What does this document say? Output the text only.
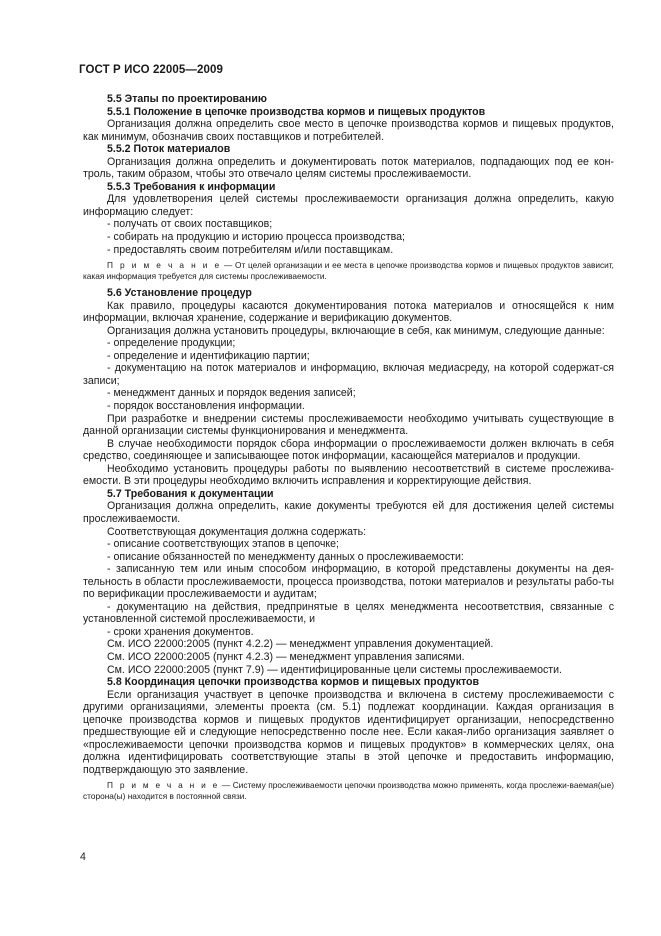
ГОСТ Р ИСО 22005—2009

5.5 Этапы по проектированию

5.5.1 Положение в цепочке производства кормов и пищевых продуктов

Организация должна определить свое место в цепочке производства кормов и пищевых продуктов, как минимум, обозначив своих поставщиков и потребителей.

5.5.2 Поток материалов

Организация должна определить и документировать поток материалов, подпадающих под ее кон-троль, таким образом, чтобы это отвечало целям системы прослеживаемости.

5.5.3 Требования к информации

Для удовлетворения целей системы прослеживаемости организация должна определить, какую информацию следует:

- получать от своих поставщиков;

- собирать на продукцию и историю процесса производства;

- предоставлять своим потребителям и/или поставщикам.

П р и м е ч а н и е — От целей организации и ее места в цепочке производства кормов и пищевых продуктов зависит, какая информация требуется для системы прослеживаемости.

5.6 Установление процедур

Как правило, процедуры касаются документирования потока материалов и относящейся к ним информации, включая хранение, содержание и верификацию документов.

Организация должна установить процедуры, включающие в себя, как минимум, следующие данные:

- определение продукции;

- определение и идентификацию партии;

- документацию на поток материалов и информацию, включая медиасреду, на которой содержат-ся записи;

- менеджмент данных и порядок ведения записей;

- порядок восстановления информации.

При разработке и внедрении системы прослеживаемости необходимо учитывать существующие в данной организации системы функционирования и менеджмента.

В случае необходимости порядок сбора информации о прослеживаемости должен включать в себя средство, соединяющее и записывающее поток информации, касающейся материалов и продукции.

Необходимо установить процедуры работы по выявлению несоответствий в системе прослежива-емости. В эти процедуры необходимо включить исправления и корректирующие действия.

5.7 Требования к документации

Организация должна определить, какие документы требуются ей для достижения целей системы прослеживаемости.

Соответствующая документация должна содержать:

- описание соответствующих этапов в цепочке;

- описание обязанностей по менеджменту данных о прослеживаемости:

- записанную тем или иным способом информацию, в которой представлены документы на дея-тельность в области прослеживаемости, процесса производства, потоки материалов и результаты рабо-ты по верификации прослеживаемости и аудитам;

- документацию на действия, предпринятые в целях менеджмента несоответствия, связанные с установленной системой прослеживаемости, и

- сроки хранения документов.

См. ИСО 22000:2005 (пункт 4.2.2) — менеджмент управления документацией.

См. ИСО 22000:2005 (пункт 4.2.3) — менеджмент управления записями.

См. ИСО 22000:2005 (пункт 7.9) — идентифицированные цели системы прослеживаемости.

5.8 Координация цепочки производства кормов и пищевых продуктов

Если организация участвует в цепочке производства и включена в систему прослеживаемости с другими организациями, элементы проекта (см. 5.1) подлежат координации. Каждая организация в цепочке производства кормов и пищевых продуктов идентифицирует организации, непосредственно предшествующие ей и следующие непосредственно после нее. Если какая-либо организация заявляет о «прослеживаемости цепочки производства кормов и пищевых продуктов» в коммерческих целях, она должна идентифицировать соответствующие этапы в этой цепочке и предоставить информацию, подтверждающую это заявление.

П р и м е ч а н и е — Систему прослеживаемости цепочки производства можно применять, когда прослежи-ваемая(ые) сторона(ы) находится в постоянной связи.

4
